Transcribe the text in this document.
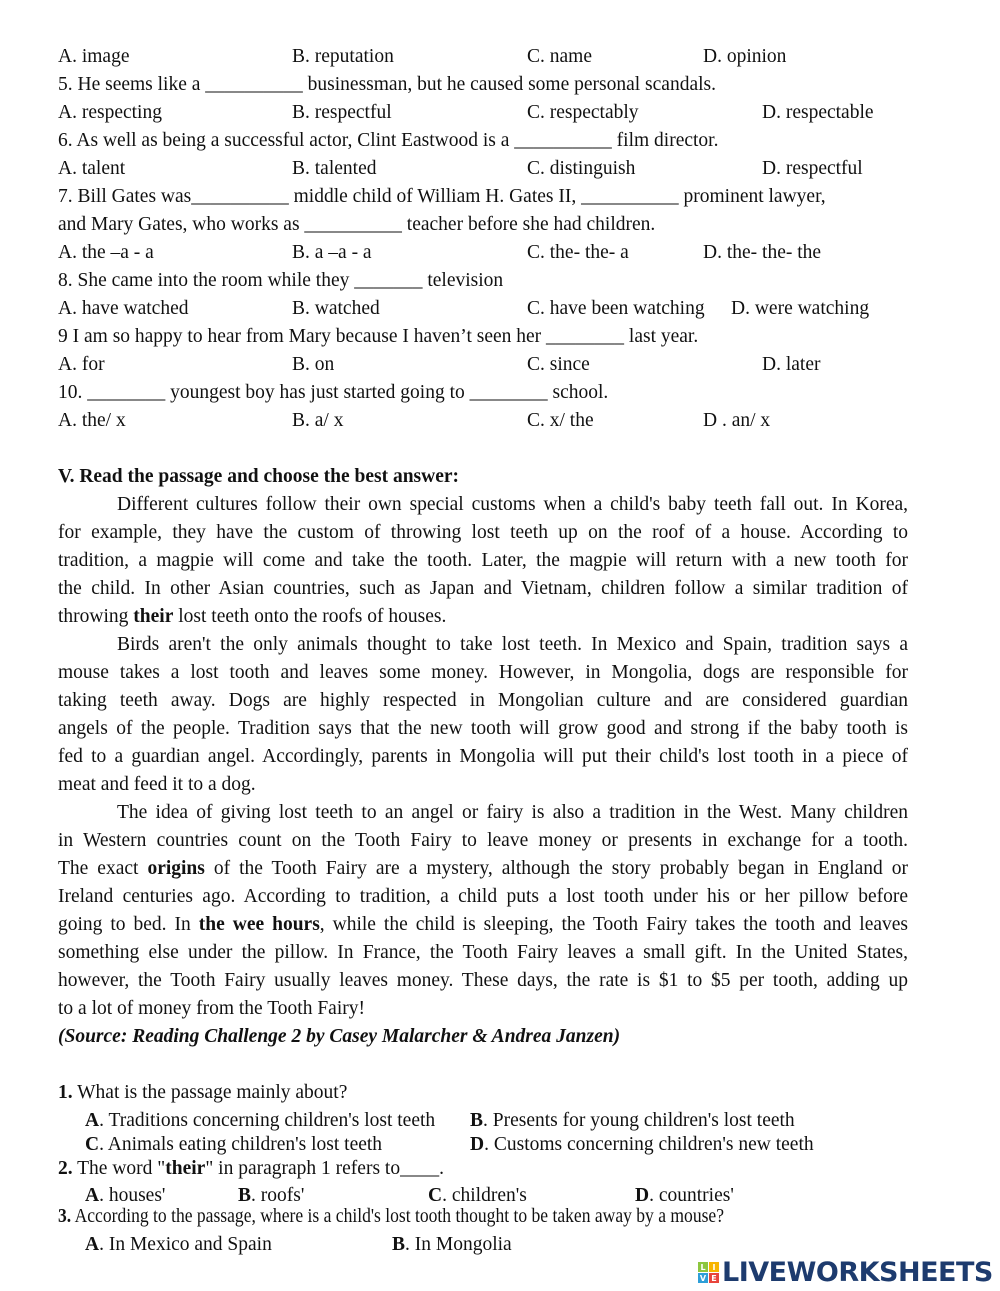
A. image	B. reputation	C. name	D. opinion
5. He seems like a __________ businessman, but he caused some personal scandals.
A. respecting	B. respectful	C. respectably	D. respectable
6. As well as being a successful actor, Clint Eastwood is a __________ film director.
A. talent	B. talented	C. distinguish	D. respectful
7. Bill Gates was__________ middle child of William H. Gates II, __________ prominent lawyer,
and Mary Gates, who works as __________ teacher before she had children.
A. the –a - a	B. a –a - a	C. the- the- a	D. the- the- the
8. She came into the room while they _______ television
A. have watched	B. watched	C. have been watching D. were watching
9 I am so happy to hear from Mary because I haven’t seen her ________ last year.
A. for	B. on	C. since	D. later
10. ________ youngest boy has just started going to ________ school.
A. the/ x	B. a/ x	C. x/ the	D . an/ x
V. Read the passage and choose the best answer:
Different cultures follow their own special customs when a child's baby teeth fall out. In Korea,
for example, they have the custom of throwing lost teeth up on the roof of a house. According to
tradition, a magpie will come and take the tooth. Later, the magpie will return with a new tooth for
the child. In other Asian countries, such as Japan and Vietnam, children follow a similar tradition of
throwing their lost teeth onto the roofs of houses.
Birds aren't the only animals thought to take lost teeth. In Mexico and Spain, tradition says a
mouse takes a lost tooth and leaves some money. However, in Mongolia, dogs are responsible for
taking teeth away. Dogs are highly respected in Mongolian culture and are considered guardian
angels of the people. Tradition says that the new tooth will grow good and strong if the baby tooth is
fed to a guardian angel. Accordingly, parents in Mongolia will put their child's lost tooth in a piece of
meat and feed it to a dog.
The idea of giving lost teeth to an angel or fairy is also a tradition in the West. Many children
in Western countries count on the Tooth Fairy to leave money or presents in exchange for a tooth.
The exact origins of the Tooth Fairy are a mystery, although the story probably began in England or
Ireland centuries ago. According to tradition, a child puts a lost tooth under his or her pillow before
going to bed. In the wee hours, while the child is sleeping, the Tooth Fairy takes the tooth and leaves
something else under the pillow. In France, the Tooth Fairy leaves a small gift. In the United States,
however, the Tooth Fairy usually leaves money. These days, the rate is $1 to $5 per tooth, adding up
to a lot of money from the Tooth Fairy!
(Source: Reading Challenge 2 by Casey Malarcher & Andrea Janzen)
1. What is the passage mainly about?
A. Traditions concerning children's lost teeth B. Presents for young children's lost teeth
C. Animals eating children's lost teeth	D. Customs concerning children's new teeth
2. The word "their" in paragraph 1 refers to____.
A. houses'	B. roofs'	C. children's	D. countries'
3. According to the passage, where is a child's lost tooth thought to be taken away by a mouse?
A. In Mexico and Spain	B. In Mongolia
L I
V E LIVEWORKSHEETS
